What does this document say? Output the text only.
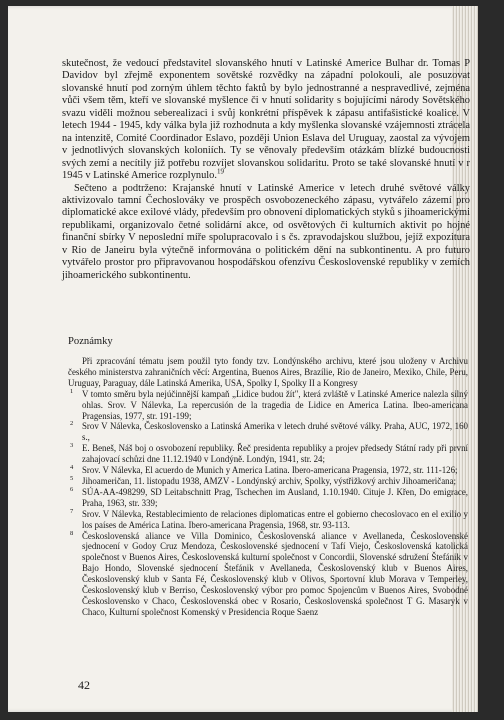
skutečnost, že vedoucí představitel slovanského hnutí v Latinské Americe Bulhar dr. Tomas P Davidov byl zřejmě exponentem sovětské rozvědky na západní polokouli, ale posuzovat slovanské hnutí pod zorným úhlem těchto faktů by bylo jednostranné a nespravedlivé, zejména vůči všem těm, kteří ve slovanské myšlence či v hnutí solidarity s bojujícími národy Sovětského svazu viděli možnou seberealizaci i svůj konkrétní příspěvek k zápasu antifašistické koalice. V letech 1944 - 1945, kdy válka byla již rozhodnuta a kdy myšlenka slovanské vzájemnosti ztrácela na intenzitě, Comité Coordinador Eslavo, později Union Eslava del Uruguay, zaostal za vývojem v jednotlivých slovanských koloniích. Ty se věnovaly především otázkám blízké budoucnosti svých zemí a necítily již potřebu rozvíjet slovanskou solidaritu. Proto se také slovanské hnutí v r 1945 v Latinské Americe rozplynulo.$^{19}$

Sečteno a podtrženo: Krajanské hnutí v Latinské Americe v letech druhé světové války aktivizovalo tamní Čechoslováky ve prospěch osvobozeneckého zápasu, vytvářelo zázemí pro diplomatické akce exilové vlády, především pro obnovení diplomatických styků s jihoamerickými republikami, organizovalo četné solidární akce, od osvětových či kulturních aktivit po hojné finanční sbírky V neposlední míře spolupracovalo i s čs. zpravodajskou službou, jejíž expozitura v Rio de Janeiru byla výtečně informována o politickém dění na subkontinentu. A pro futuro vytvářelo prostor pro připravovanou hospodářskou ofenzívu Československé republiky v zemích jihoamerického subkontinentu.

Poznámky

Při zpracování tématu jsem použil tyto fondy tzv. Londýnského archivu, které jsou uloženy v Archivu českého ministerstva zahraničních věcí: Argentina, Buenos Aires, Brazílie, Rio de Janeiro, Mexiko, Chile, Peru, Uruguay, Paraguay, dále Latinská Amerika, USA, Spolky I, Spolky II a Kongresy

1 V tomto směru byla nejúčinnější kampaň „Lidice budou žít", která zvláště v Latinské Americe nalezla silný ohlas. Srov. V Nálevka, La repercusión de la tragedia de Lidice en America Latina. Ibeo-americana Pragensias, 1977, str. 191-199;
2 Srov V Nálevka, Československo a Latinská Amerika v letech druhé světové války. Praha, AUC, 1972, 160 s.,
3 E. Beneš, Náš boj o osvobození republiky. Řeč presidenta republiky a projev předsedy Státní rady při první zahajovací schůzi dne 11.12.1940 v Londýně. Londýn, 1941, str. 24;
4 Srov. V Nálevka, El acuerdo de Munich y America Latina. Ibero-americana Pragensia, 1972, str. 111-126;
5 Jihoameričan, 11. listopadu 1938, AMZV - Londýnský archiv, Spolky, výstřižkový archiv Jihoameričana;
6 SÚA-AA-498299, SD Leitabschnitt Prag, Tschechen im Ausland, 1.10.1940. Cituje J. Křen, Do emigrace, Praha, 1963, str. 339;
7 Srov. V Nálevka, Restablecimiento de relaciones diplomaticas entre el gobierno checoslovaco en el exilio y los países de América Latina. Ibero-americana Pragensia, 1968, str. 93-113.
8 Československá aliance ve Villa Dominico, Československá aliance v Avellaneda, Československé sjednocení v Godoy Cruz Mendoza, Československé sjednocení v Tafí Viejo, Československá katolická společnost v Buenos Aires, Československá kulturní společnost v Concordii, Slovenské sdružení Štefánik v Bajo Hondo, Slovenské sjednocení Štefánik v Avellaneda, Československý klub v Buenos Aires, Československý klub v Santa Fé, Československý klub v Olivos, Sportovní klub Morava v Temperley, Československý klub v Berriso, Československý výbor pro pomoc Spojencům v Buenos Aires, Svobodné Československo v Chaco, Československá obec v Rosario, Československá společnost T G. Masaryk v Chaco, Kulturní společnost Komenský v Presidencia Roque Saenz
42
